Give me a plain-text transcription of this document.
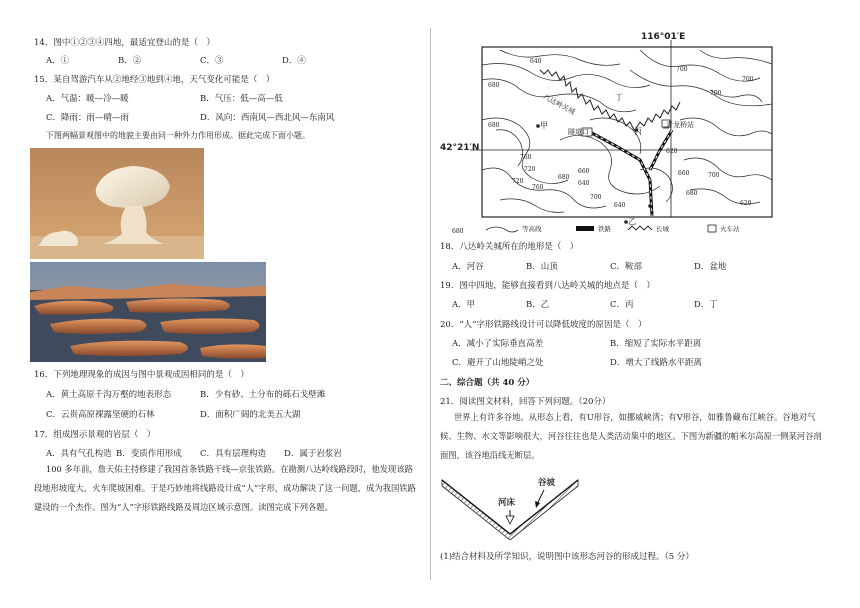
14．图中①②③④四地，最适宜登山的是（　）
A．①	B．②	C．③	D．④
15．某自驾游汽车从②地经③地到④地，天气变化可能是（　）
A．气温：暖—冷—暖	B．气压：低—高—低
C．降雨：雨—晴—雨	D．风向：西南风—西北风—东南风
下图两幅景观图中的地貌主要由同一种外力作用形成。据此完成下面小题。
16．下列地理现象的成因与图中景观成因相同的是（　）
A．黄土高原千沟万壑的地表形态	B．少有砂、土分布的砾石戈壁滩
C．云贵高原裸露坚硬的石林	D．面积广阔的北美五大湖
17．组成图示景观的岩层（　）
A．具有气孔构造 B．变质作用形成 C．具有层理构造 D．属于岩浆岩
100 多年前，詹天佑主持修建了我国首条铁路干线—京张铁路。在勘测八达岭线路段时，他发现该路段地形坡度大，火车爬坡困难。于是巧妙地将线路设计成“人”字形，成功解决了这一问题，成为我国铁路建设的一个杰作。图为“人”字形铁路线路及周边区域示意图。读图完成下列各题。
116°01′E
42°21′N
640
680
700
700
680
720
700
760
760
720
680	700
660
640
620
680
660
700
640	620
八达岭关城
隧道口
甲
乙
丙
丁
青龙桥站
680	等高线	铁路	长城	火车站
18．八达岭关城所在的地形是（　）
A．河谷	B．山顶	C．鞍部	D．盆地
19．图中四地，能够直接看到八达岭关城的地点是（　）
A．甲	B．乙	C．丙	D．丁
20．“人”字形铁路线设计可以降低坡度的原因是（　）
A．减小了实际垂直高差	B．缩短了实际水平距离
C．避开了山地陡峭之处	D．增大了线路水平距离
二、综合题（共 40 分）
21．阅读图文材料，回答下列问题。（20分）
世界上有许多谷地。从形态上看，有U形谷，如挪威峡湾；有V形谷，如雅鲁藏布江峡谷。谷地对气候、生物、水文等影响很大，河谷往往也是人类活动集中的地区。下图为新疆的帕米尔高原一侧某河谷剖面图，该谷地沿线无断层。
谷坡
河床
(1)结合材料及所学知识，说明图中该形态河谷的形成过程。（5 分）
